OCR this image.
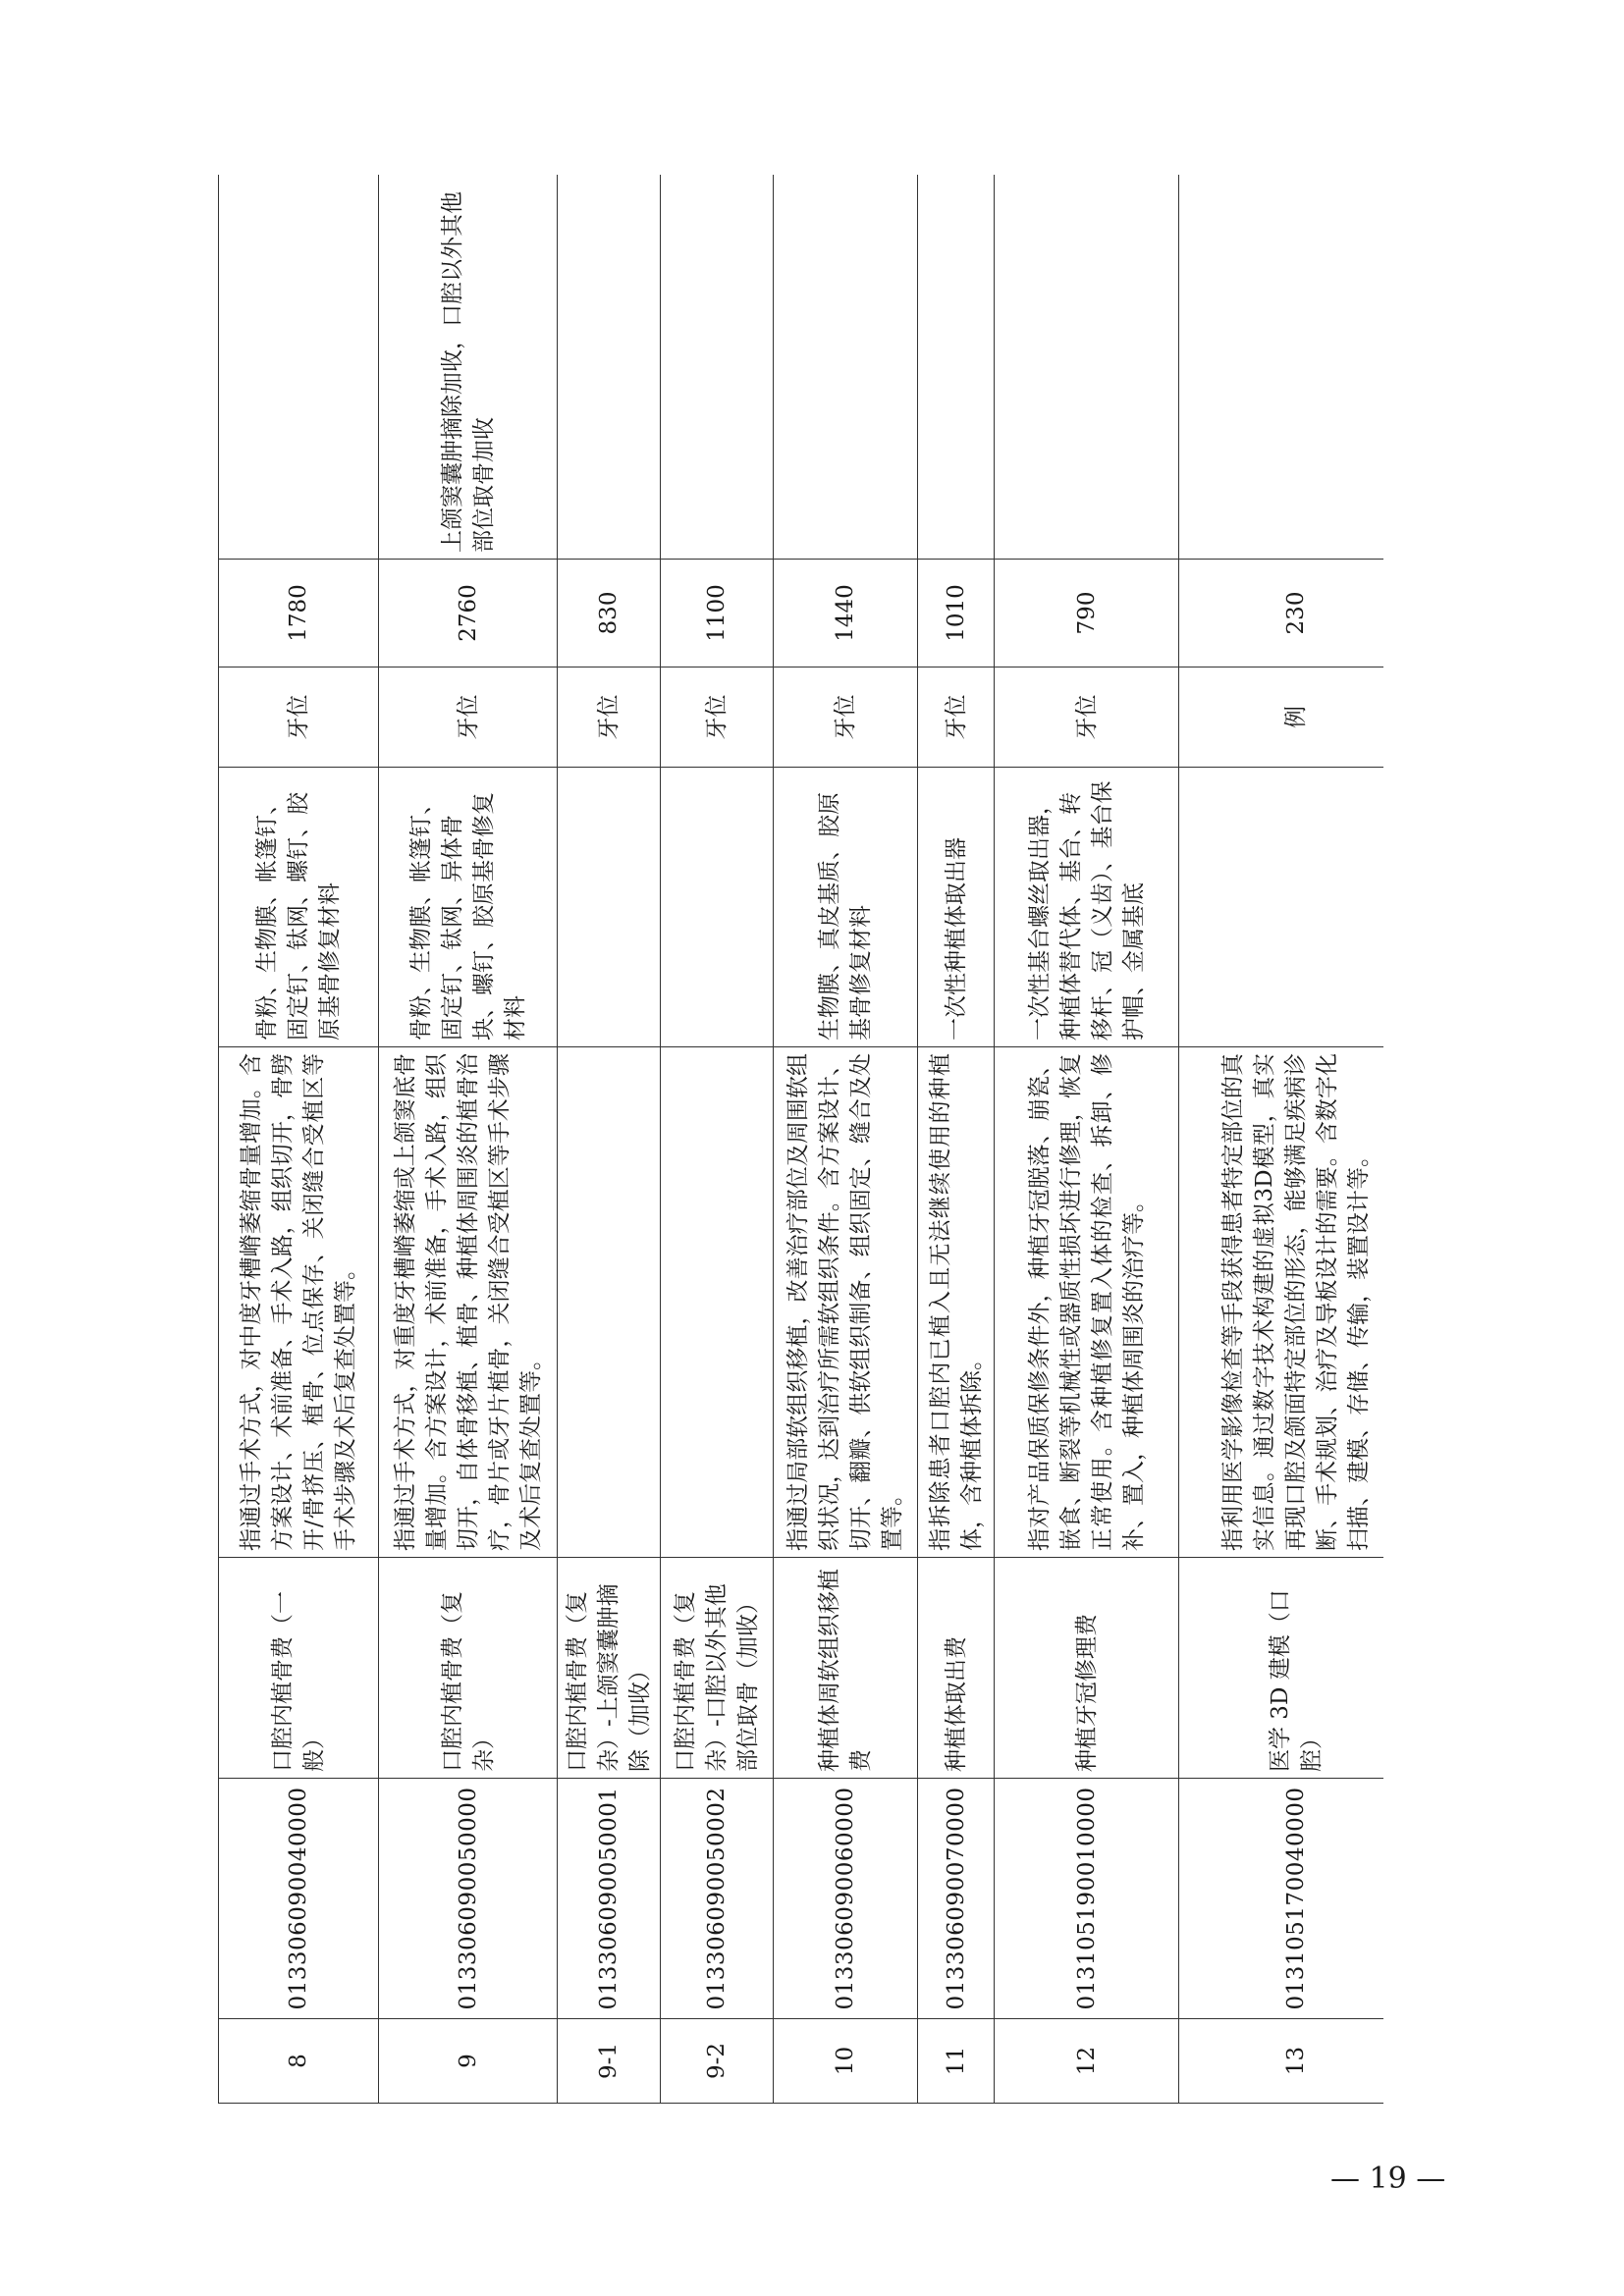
8	013306090040000	口腔内植骨费（一般）	指通过手术方式，对中度牙槽嵴萎缩骨量增加。含方案设计、术前准备、手术入路，组织切开，骨劈开/骨挤压、植骨、位点保存、关闭缝合受植区等手术步骤及术后复查处置等。	骨粉、生物膜、帐篷钉、固定钉、钛网、螺钉、胶原基骨修复材料	牙位	1780	
9	013306090050000	口腔内植骨费（复杂）	指通过手术方式，对重度牙槽嵴萎缩或上颌窦底骨量增加。含方案设计，术前准备，手术入路，组织切开，自体骨移植、植骨、种植体周围炎的植骨治疗，骨片或牙片植骨，关闭缝合受植区等手术步骤及术后复查处置等。	骨粉、生物膜、帐篷钉、固定钉、钛网、异体骨块、螺钉、胶原基骨修复材料	牙位	2760	上颌窦囊肿摘除加收，口腔以外其他部位取骨加收
9-1	013306090050001	口腔内植骨费（复杂）-上颌窦囊肿摘除（加收）			牙位	830	
9-2	013306090050002	口腔内植骨费（复杂）-口腔以外其他部位取骨（加收）			牙位	1100	
10	013306090060000	种植体周软组织移植费	指通过局部软组织移植，改善治疗部位及周围软组织状况，达到治疗所需软组织条件。含方案设计、切开、翻瓣、供软组织制备、组织固定、缝合及处置等。	生物膜、真皮基质、胶原基骨修复材料	牙位	1440	
11	013306090070000	种植体取出费	指拆除患者口腔内已植入且无法继续使用的种植体，含种植体拆除。	一次性种植体取出器	牙位	1010	
12	013105190010000	种植牙冠修理费	指对产品保质保修条件外，种植牙冠脱落、崩瓷、嵌食、断裂等机械性或器质性损坏进行修理，恢复正常使用。含种植修复置入体的检查、拆卸、修补、置入，种植体周围炎的治疗等。	一次性基台螺丝取出器，种植体替代体、基台、转移杆、冠（义齿）、基台保护帽、金属基底	牙位	790	
13	013105170040000	医学 3D 建模（口腔）	指利用医学影像检查等手段获得患者特定部位的真实信息。通过数字技术构建的虚拟3D模型，真实再现口腔及颌面特定部位的形态，能够满足疾病诊断、手术规划、治疗及导板设计的需要。含数字化扫描、建模、存储、传输，装置设计等。		例	230	
— 19 —
